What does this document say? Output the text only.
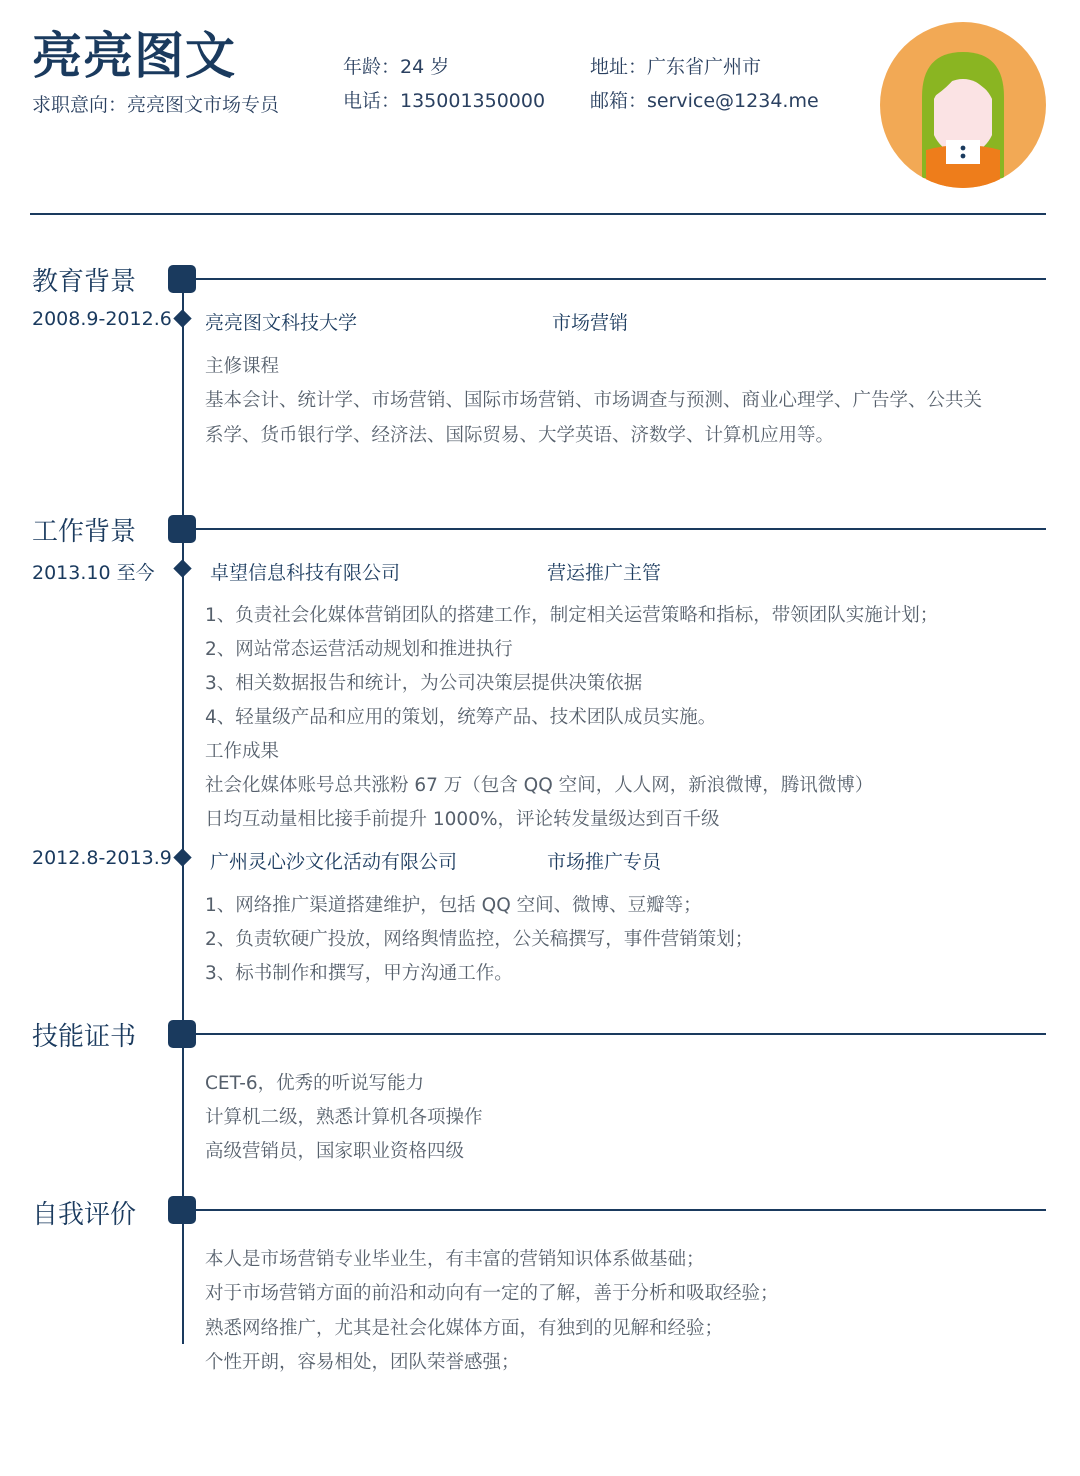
亮亮图文
求职意向：亮亮图文市场专员
年龄：24 岁
电话：135001350000
地址：广东省广州市
邮箱：service@1234.me
教育背景
2008.9-2012.6 亮亮图文科技大学	市场营销
主修课程
基本会计、统计学、市场营销、国际市场营销、市场调查与预测、商业心理学、广告学、公共关
系学、货币银行学、经济法、国际贸易、大学英语、济数学、计算机应用等。
工作背景
2013.10 至今	卓望信息科技有限公司	营运推广主管
1、负责社会化媒体营销团队的搭建工作，制定相关运营策略和指标，带领团队实施计划；
2、网站常态运营活动规划和推进执行
3、相关数据报告和统计，为公司决策层提供决策依据
4、轻量级产品和应用的策划，统筹产品、技术团队成员实施。
工作成果
社会化媒体账号总共涨粉 67 万（包含 QQ 空间，人人网，新浪微博，腾讯微博）
日均互动量相比接手前提升 1000%，评论转发量级达到百千级
2012.8-2013.9 广州灵心沙文化活动有限公司	市场推广专员
1、网络推广渠道搭建维护，包括 QQ 空间、微博、豆瓣等；
2、负责软硬广投放，网络舆情监控，公关稿撰写，事件营销策划；
3、标书制作和撰写，甲方沟通工作。
技能证书
CET-6，优秀的听说写能力
计算机二级，熟悉计算机各项操作
高级营销员，国家职业资格四级
自我评价
本人是市场营销专业毕业生，有丰富的营销知识体系做基础；
对于市场营销方面的前沿和动向有一定的了解，善于分析和吸取经验；
熟悉网络推广，尤其是社会化媒体方面，有独到的见解和经验；
个性开朗，容易相处，团队荣誉感强；
